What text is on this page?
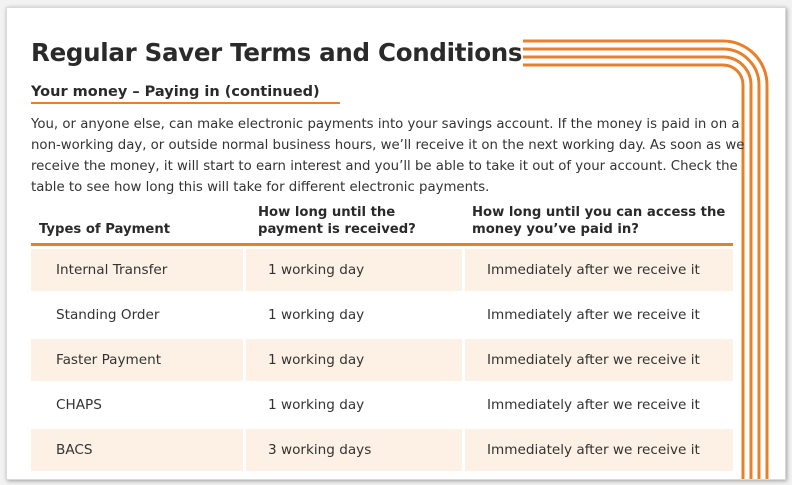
Regular Saver Terms and Conditions
Your money – Paying in (continued)
You, or anyone else, can make electronic payments into your savings account. If the money is paid in on a non-working day, or outside normal business hours, we’ll receive it on the next working day. As soon as we receive the money, it will start to earn interest and you’ll be able to take it out of your account. Check the table to see how long this will take for different electronic payments.
Types of Payment	How long until the payment is received?	How long until you can access the money you’ve paid in?
Internal Transfer	1 working day	Immediately after we receive it
Standing Order	1 working day	Immediately after we receive it
Faster Payment	1 working day	Immediately after we receive it
CHAPS	1 working day	Immediately after we receive it
BACS	3 working days	Immediately after we receive it
